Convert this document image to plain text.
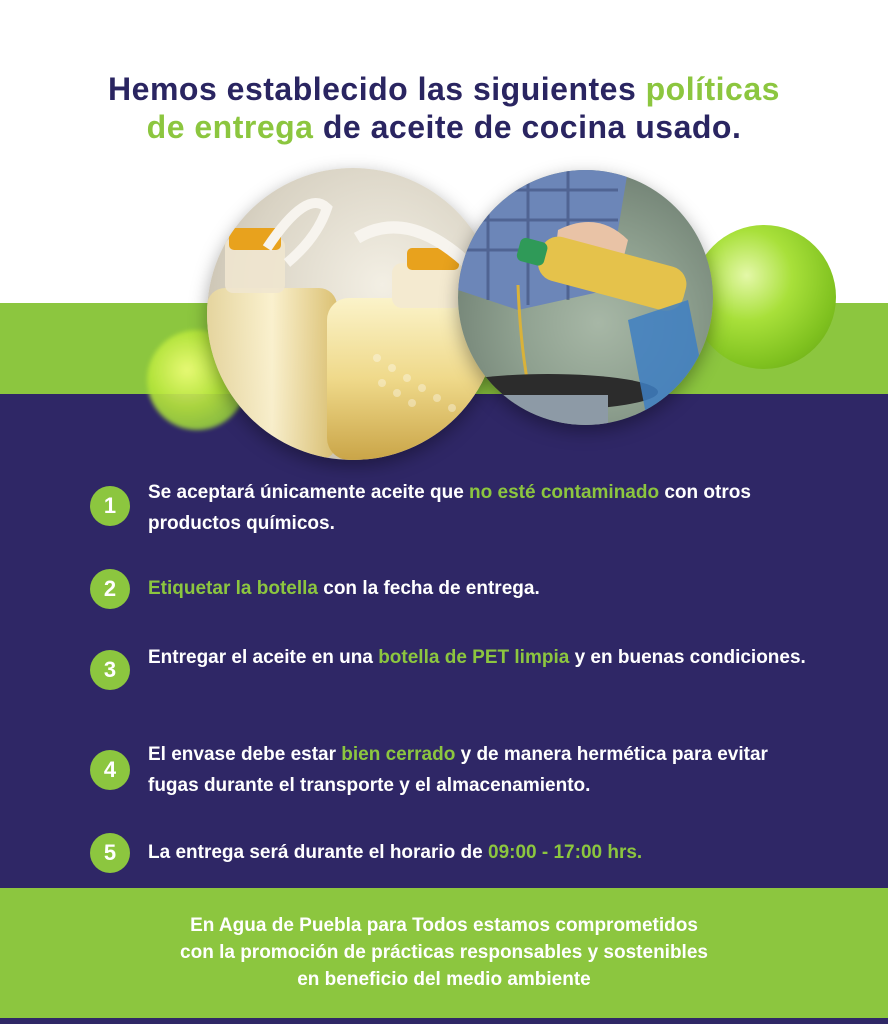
Hemos establecido las siguientes políticas
de entrega de aceite de cocina usado.
1
Se aceptará únicamente aceite que no esté contaminado con otros productos químicos.
2	Etiquetar la botella con la fecha de entrega.
3	Entregar el aceite en una botella de PET limpia y en buenas condiciones.
4
El envase debe estar bien cerrado y de manera hermética para evitar fugas durante el transporte y el almacenamiento.
5	La entrega será durante el horario de 09:00 - 17:00 hrs.
En Agua de Puebla para Todos estamos comprometidos
con la promoción de prácticas responsables y sostenibles
en beneficio del medio ambiente
